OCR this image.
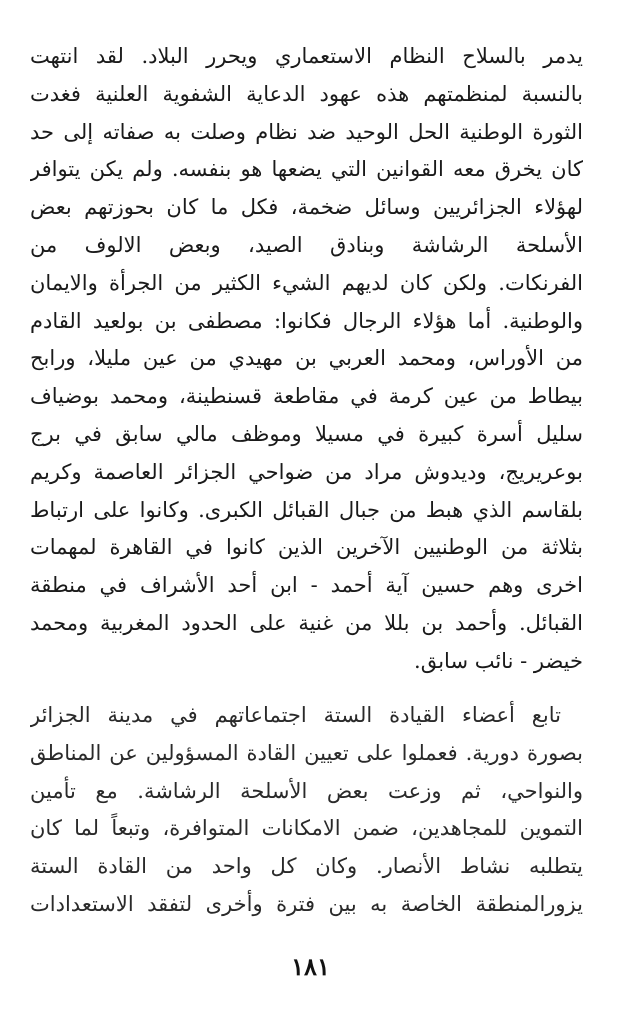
يدمر بالسلاح النظام الاستعماري ويحرر البلاد. لقد انتهت
بالنسبة لمنظمتهم هذه عهود الدعاية الشفوية العلنية فغدت
الثورة الوطنية الحل الوحيد ضد نظام وصلت به صفاته إلى حد
كان يخرق معه القوانين التي يضعها هو بنفسه. ولم يكن يتوافر
لهؤلاء الجزائريين وسائل ضخمة، فكل ما كان بحوزتهم بعض
الأسلحة الرشاشة وبنادق الصيد، وبعض الالوف من
الفرنكات. ولكن كان لديهم الشيء الكثير من الجرأة والايمان
والوطنية. أما هؤلاء الرجال فكانوا: مصطفى بن بولعيد القادم
من الأوراس، ومحمد العربي بن مهيدي من عين مليلا، ورابح
بيطاط من عين كرمة في مقاطعة قسنطينة، ومحمد بوضياف
سليل أسرة كبيرة في مسيلا وموظف مالي سابق في برج
بوعريريج، وديدوش مراد من ضواحي الجزائر العاصمة وكريم
بلقاسم الذي هبط من جبال القبائل الكبرى. وكانوا على ارتباط
بثلاثة من الوطنيين الآخرين الذين كانوا في القاهرة لمهمات
اخرى وهم حسين آية أحمد - ابن أحد الأشراف في منطقة
القبائل. وأحمد بن بللا من غنية على الحدود المغربية ومحمد
خيضر - نائب سابق.
تابع أعضاء القيادة الستة اجتماعاتهم في مدينة الجزائر
بصورة دورية. فعملوا على تعيين القادة المسؤولين عن المناطق
والنواحي، ثم وزعت بعض الأسلحة الرشاشة. مع تأمين
التموين للمجاهدين، ضمن الامكانات المتوافرة، وتبعاً لما كان
يتطلبه نشاط الأنصار. وكان كل واحد من القادة الستة
يزورالمنطقة الخاصة به بين فترة وأخرى لتفقد الاستعدادات
١٨١
